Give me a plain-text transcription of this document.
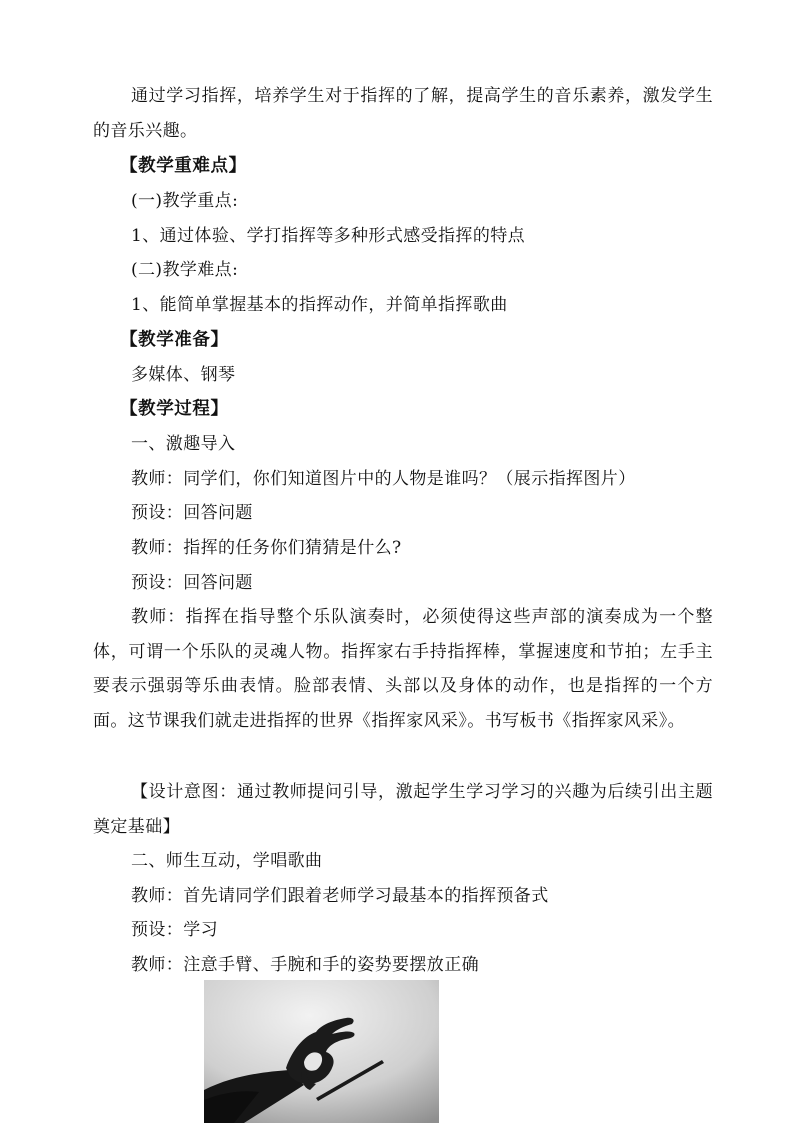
通过学习指挥，培养学生对于指挥的了解，提高学生的音乐素养，激发学生的音乐兴趣。
【教学重难点】
(一)教学重点:
1、通过体验、学打指挥等多种形式感受指挥的特点
(二)教学难点:
1、能简单掌握基本的指挥动作，并简单指挥歌曲
【教学准备】
多媒体、钢琴
【教学过程】
一、激趣导入
教师：同学们，你们知道图片中的人物是谁吗？（展示指挥图片）
预设：回答问题
教师：指挥的任务你们猜猜是什么?
预设：回答问题
教师：指挥在指导整个乐队演奏时，必须使得这些声部的演奏成为一个整体，可谓一个乐队的灵魂人物。指挥家右手持指挥棒，掌握速度和节拍；左手主要表示强弱等乐曲表情。脸部表情、头部以及身体的动作，也是指挥的一个方面。这节课我们就走进指挥的世界《指挥家风采》。书写板书《指挥家风采》。
【设计意图：通过教师提问引导，激起学生学习学习的兴趣为后续引出主题奠定基础】
二、师生互动，学唱歌曲
教师：首先请同学们跟着老师学习最基本的指挥预备式
预设：学习
教师：注意手臂、手腕和手的姿势要摆放正确
